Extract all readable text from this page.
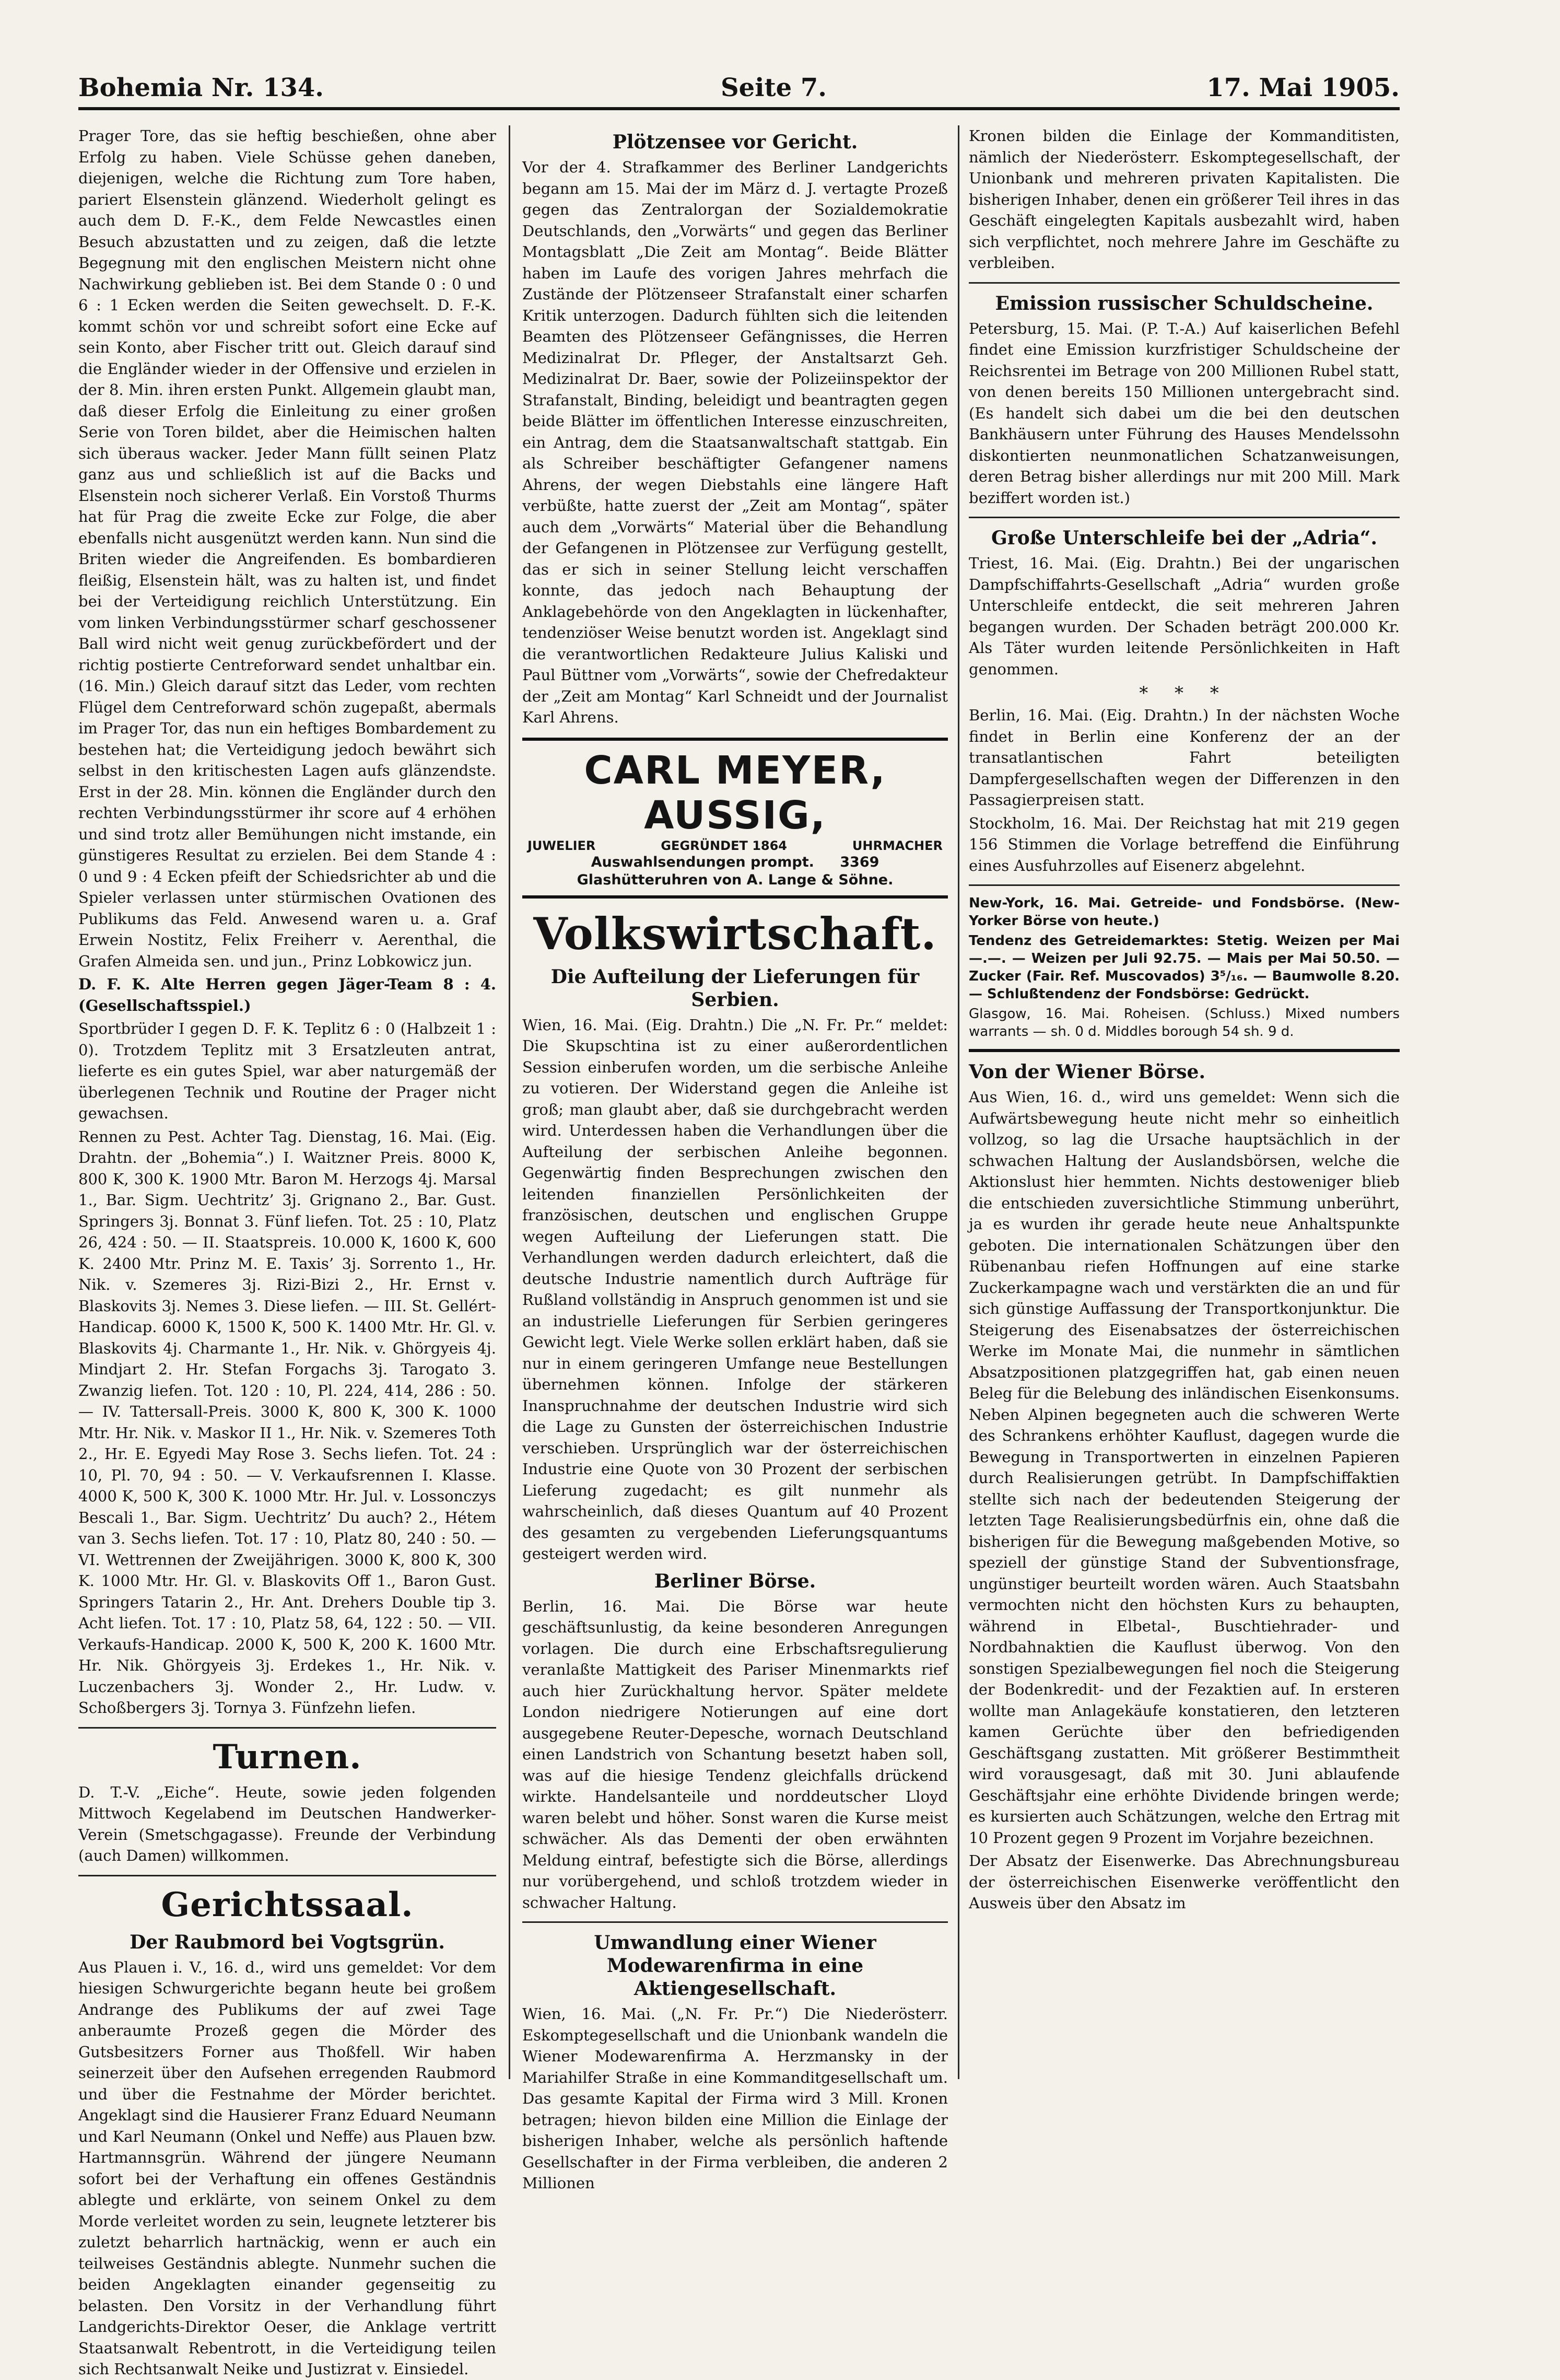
Bohemia Nr. 134.	Seite 7.	17. Mai 1905.

Prager Tore, das sie heftig beschießen, ohne aber Erfolg zu haben. Viele Schüsse gehen daneben, diejenigen, welche die Richtung zum Tore haben, pariert Elsenstein glänzend. Wiederholt gelingt es auch dem D. F.-K., dem Felde Newcastles einen Besuch abzustatten und zu zeigen, daß die letzte Begegnung mit den englischen Meistern nicht ohne Nachwirkung geblieben ist. Bei dem Stande 0 : 0 und 6 : 1 Ecken werden die Seiten gewechselt. D. F.-K. kommt schön vor und schreibt sofort eine Ecke auf sein Konto, aber Fischer tritt out. Gleich darauf sind die Engländer wieder in der Offensive und erzielen in der 8. Min. ihren ersten Punkt. Allgemein glaubt man, daß dieser Erfolg die Einleitung zu einer großen Serie von Toren bildet, aber die Heimischen halten sich überaus wacker. Jeder Mann füllt seinen Platz ganz aus und schließlich ist auf die Backs und Elsenstein noch sicherer Verlaß. Ein Vorstoß Thurms hat für Prag die zweite Ecke zur Folge, die aber ebenfalls nicht ausgenützt werden kann. Nun sind die Briten wieder die Angreifenden. Es bombardieren fleißig, Elsenstein hält, was zu halten ist, und findet bei der Verteidigung reichlich Unterstützung. Ein vom linken Verbindungsstürmer scharf geschossener Ball wird nicht weit genug zurückbefördert und der richtig postierte Centreforward sendet unhaltbar ein. (16. Min.) Gleich darauf sitzt das Leder, vom rechten Flügel dem Centreforward schön zugepaßt, abermals im Prager Tor, das nun ein heftiges Bombardement zu bestehen hat; die Verteidigung jedoch bewährt sich selbst in den kritischesten Lagen aufs glänzendste. Erst in der 28. Min. können die Engländer durch den rechten Verbindungsstürmer ihr score auf 4 erhöhen und sind trotz aller Bemühungen nicht imstande, ein günstigeres Resultat zu erzielen. Bei dem Stande 4 : 0 und 9 : 4 Ecken pfeift der Schiedsrichter ab und die Spieler verlassen unter stürmischen Ovationen des Publikums das Feld. Anwesend waren u. a. Graf Erwein Nostitz, Felix Freiherr v. Aerenthal, die Grafen Almeida sen. und jun., Prinz Lobkowicz jun.

D. F. K. Alte Herren gegen Jäger-Team 8 : 4. (Gesellschaftsspiel.)

Sportbrüder I gegen D. F. K. Teplitz 6 : 0 (Halbzeit 1 : 0). Trotzdem Teplitz mit 3 Ersatzleuten antrat, lieferte es ein gutes Spiel, war aber naturgemäß der überlegenen Technik und Routine der Prager nicht gewachsen.

Rennen zu Pest. Achter Tag. Dienstag, 16. Mai. (Eig. Drahtn. der „Bohemia“.) I. Waitzner Preis. 8000 K, 800 K, 300 K. 1900 Mtr. Baron M. Herzogs 4j. Marsal 1., Bar. Sigm. Uechtritz’ 3j. Grignano 2., Bar. Gust. Springers 3j. Bonnat 3. Fünf liefen. Tot. 25 : 10, Platz 26, 424 : 50. — II. Staatspreis. 10.000 K, 1600 K, 600 K. 2400 Mtr. Prinz M. E. Taxis’ 3j. Sorrento 1., Hr. Nik. v. Szemeres 3j. Rizi-Bizi 2., Hr. Ernst v. Blaskovits 3j. Nemes 3. Diese liefen. — III. St. Gellért-Handicap. 6000 K, 1500 K, 500 K. 1400 Mtr. Hr. Gl. v. Blaskovits 4j. Charmante 1., Hr. Nik. v. Ghörgyeis 4j. Mindjart 2. Hr. Stefan Forgachs 3j. Tarogato 3. Zwanzig liefen. Tot. 120 : 10, Pl. 224, 414, 286 : 50. — IV. Tattersall-Preis. 3000 K, 800 K, 300 K. 1000 Mtr. Hr. Nik. v. Maskor II 1., Hr. Nik. v. Szemeres Toth 2., Hr. E. Egyedi May Rose 3. Sechs liefen. Tot. 24 : 10, Pl. 70, 94 : 50. — V. Verkaufsrennen I. Klasse. 4000 K, 500 K, 300 K. 1000 Mtr. Hr. Jul. v. Lossonczys Bescali 1., Bar. Sigm. Uechtritz’ Du auch? 2., Hétem van 3. Sechs liefen. Tot. 17 : 10, Platz 80, 240 : 50. — VI. Wettrennen der Zweijährigen. 3000 K, 800 K, 300 K. 1000 Mtr. Hr. Gl. v. Blaskovits Off 1., Baron Gust. Springers Tatarin 2., Hr. Ant. Drehers Double tip 3. Acht liefen. Tot. 17 : 10, Platz 58, 64, 122 : 50. — VII. Verkaufs-Handicap. 2000 K, 500 K, 200 K. 1600 Mtr. Hr. Nik. Ghörgyeis 3j. Erdekes 1., Hr. Nik. v. Luczenbachers 3j. Wonder 2., Hr. Ludw. v. Schoßbergers 3j. Tornya 3. Fünfzehn liefen.

Turnen.

D. T.-V. „Eiche“. Heute, sowie jeden folgenden Mittwoch Kegelabend im Deutschen Handwerker-Verein (Smetschgagasse). Freunde der Verbindung (auch Damen) willkommen.

Gerichtssaal.
Der Raubmord bei Vogtsgrün.

Aus Plauen i. V., 16. d., wird uns gemeldet: Vor dem hiesigen Schwurgerichte begann heute bei großem Andrange des Publikums der auf zwei Tage anberaumte Prozeß gegen die Mörder des Gutsbesitzers Forner aus Thoßfell. Wir haben seinerzeit über den Aufsehen erregenden Raubmord und über die Festnahme der Mörder berichtet. Angeklagt sind die Hausierer Franz Eduard Neumann und Karl Neumann (Onkel und Neffe) aus Plauen bzw. Hartmannsgrün. Während der jüngere Neumann sofort bei der Verhaftung ein offenes Geständnis ablegte und erklärte, von seinem Onkel zu dem Morde verleitet worden zu sein, leugnete letzterer bis zuletzt beharrlich hartnäckig, wenn er auch ein teilweises Geständnis ablegte. Nunmehr suchen die beiden Angeklagten einander gegenseitig zu belasten. Den Vorsitz in der Verhandlung führt Landgerichts-Direktor Oeser, die Anklage vertritt Staatsanwalt Rebentrott, in die Verteidigung teilen sich Rechtsanwalt Neike und Justizrat v. Einsiedel.

Plötzensee vor Gericht.

Vor der 4. Strafkammer des Berliner Landgerichts begann am 15. Mai der im März d. J. vertagte Prozeß gegen das Zentralorgan der Sozialdemokratie Deutschlands, den „Vorwärts“ und gegen das Berliner Montagsblatt „Die Zeit am Montag“. Beide Blätter haben im Laufe des vorigen Jahres mehrfach die Zustände der Plötzenseer Strafanstalt einer scharfen Kritik unterzogen. Dadurch fühlten sich die leitenden Beamten des Plötzenseer Gefängnisses, die Herren Medizinalrat Dr. Pfleger, der Anstaltsarzt Geh. Medizinalrat Dr. Baer, sowie der Polizeiinspektor der Strafanstalt, Binding, beleidigt und beantragten gegen beide Blätter im öffentlichen Interesse einzuschreiten, ein Antrag, dem die Staatsanwaltschaft stattgab. Ein als Schreiber beschäftigter Gefangener namens Ahrens, der wegen Diebstahls eine längere Haft verbüßte, hatte zuerst der „Zeit am Montag“, später auch dem „Vorwärts“ Material über die Behandlung der Gefangenen in Plötzensee zur Verfügung gestellt, das er sich in seiner Stellung leicht verschaffen konnte, das jedoch nach Behauptung der Anklagebehörde von den Angeklagten in lückenhafter, tendenziöser Weise benutzt worden ist. Angeklagt sind die verantwortlichen Redakteure Julius Kaliski und Paul Büttner vom „Vorwärts“, sowie der Chefredakteur der „Zeit am Montag“ Karl Schneidt und der Journalist Karl Ahrens.

CARL MEYER, AUSSIG,
JUWELIER	GEGRÜNDET 1864	UHRMACHER
Auswahlsendungen prompt. 3369
Glashütteruhren von A. Lange & Söhne.
Volkswirtschaft.
Die Aufteilung der Lieferungen für Serbien.

Wien, 16. Mai. (Eig. Drahtn.) Die „N. Fr. Pr.“ meldet: Die Skupschtina ist zu einer außerordentlichen Session einberufen worden, um die serbische Anleihe zu votieren. Der Widerstand gegen die Anleihe ist groß; man glaubt aber, daß sie durchgebracht werden wird. Unterdessen haben die Verhandlungen über die Aufteilung der serbischen Anleihe begonnen. Gegenwärtig finden Besprechungen zwischen den leitenden finanziellen Persönlichkeiten der französischen, deutschen und englischen Gruppe wegen Aufteilung der Lieferungen statt. Die Verhandlungen werden dadurch erleichtert, daß die deutsche Industrie namentlich durch Aufträge für Rußland vollständig in Anspruch genommen ist und sie an industrielle Lieferungen für Serbien geringeres Gewicht legt. Viele Werke sollen erklärt haben, daß sie nur in einem geringeren Umfange neue Bestellungen übernehmen können. Infolge der stärkeren Inanspruchnahme der deutschen Industrie wird sich die Lage zu Gunsten der österreichischen Industrie verschieben. Ursprünglich war der österreichischen Industrie eine Quote von 30 Prozent der serbischen Lieferung zugedacht; es gilt nunmehr als wahrscheinlich, daß dieses Quantum auf 40 Prozent des gesamten zu vergebenden Lieferungsquantums gesteigert werden wird.

Berliner Börse.

Berlin, 16. Mai. Die Börse war heute geschäftsunlustig, da keine besonderen Anregungen vorlagen. Die durch eine Erbschaftsregulierung veranlaßte Mattigkeit des Pariser Minenmarkts rief auch hier Zurückhaltung hervor. Später meldete London niedrigere Notierungen auf eine dort ausgegebene Reuter-Depesche, wornach Deutschland einen Landstrich von Schantung besetzt haben soll, was auf die hiesige Tendenz gleichfalls drückend wirkte. Handelsanteile und norddeutscher Lloyd waren belebt und höher. Sonst waren die Kurse meist schwächer. Als das Dementi der oben erwähnten Meldung eintraf, befestigte sich die Börse, allerdings nur vorübergehend, und schloß trotzdem wieder in schwacher Haltung.

Umwandlung einer Wiener Modewarenfirma in eine Aktiengesellschaft.

Wien, 16. Mai. („N. Fr. Pr.“) Die Niederösterr. Eskomptegesellschaft und die Unionbank wandeln die Wiener Modewarenfirma A. Herzmansky in der Mariahilfer Straße in eine Kommanditgesellschaft um. Das gesamte Kapital der Firma wird 3 Mill. Kronen betragen; hievon bilden eine Million die Einlage der bisherigen Inhaber, welche als persönlich haftende Gesellschafter in der Firma verbleiben, die anderen 2 Millionen

Kronen bilden die Einlage der Kommanditisten, nämlich der Niederösterr. Eskomptegesellschaft, der Unionbank und mehreren privaten Kapitalisten. Die bisherigen Inhaber, denen ein größerer Teil ihres in das Geschäft eingelegten Kapitals ausbezahlt wird, haben sich verpflichtet, noch mehrere Jahre im Geschäfte zu verbleiben.

Emission russischer Schuldscheine.

Petersburg, 15. Mai. (P. T.-A.) Auf kaiserlichen Befehl findet eine Emission kurzfristiger Schuldscheine der Reichsrentei im Betrage von 200 Millionen Rubel statt, von denen bereits 150 Millionen untergebracht sind. (Es handelt sich dabei um die bei den deutschen Bankhäusern unter Führung des Hauses Mendelssohn diskontierten neunmonatlichen Schatzanweisungen, deren Betrag bisher allerdings nur mit 200 Mill. Mark beziffert worden ist.)

Große Unterschleife bei der „Adria“.

Triest, 16. Mai. (Eig. Drahtn.) Bei der ungarischen Dampfschiffahrts-Gesellschaft „Adria“ wurden große Unterschleife entdeckt, die seit mehreren Jahren begangen wurden. Der Schaden beträgt 200.000 Kr. Als Täter wurden leitende Persönlichkeiten in Haft genommen.

* * *

Berlin, 16. Mai. (Eig. Drahtn.) In der nächsten Woche findet in Berlin eine Konferenz der an der transatlantischen Fahrt beteiligten Dampfergesellschaften wegen der Differenzen in den Passagierpreisen statt.

Stockholm, 16. Mai. Der Reichstag hat mit 219 gegen 156 Stimmen die Vorlage betreffend die Einführung eines Ausfuhrzolles auf Eisenerz abgelehnt.

New-York, 16. Mai. Getreide- und Fondsbörse. (New-Yorker Börse von heute.)

Tendenz des Getreidemarktes: Stetig. Weizen per Mai —.—. — Weizen per Juli 92.75. — Mais per Mai 50.50. — Zucker (Fair. Ref. Muscovados) 3⁵/₁₆. — Baumwolle 8.20. — Schlußtendenz der Fondsbörse: Gedrückt.

Glasgow, 16. Mai. Roheisen. (Schluss.) Mixed numbers warrants — sh. 0 d. Middles borough 54 sh. 9 d.

Von der Wiener Börse.

Aus Wien, 16. d., wird uns gemeldet: Wenn sich die Aufwärtsbewegung heute nicht mehr so einheitlich vollzog, so lag die Ursache hauptsächlich in der schwachen Haltung der Auslandsbörsen, welche die Aktionslust hier hemmten. Nichts destoweniger blieb die entschieden zuversichtliche Stimmung unberührt, ja es wurden ihr gerade heute neue Anhaltspunkte geboten. Die internationalen Schätzungen über den Rübenanbau riefen Hoffnungen auf eine starke Zuckerkampagne wach und verstärkten die an und für sich günstige Auffassung der Transportkonjunktur. Die Steigerung des Eisenabsatzes der österreichischen Werke im Monate Mai, die nunmehr in sämtlichen Absatzpositionen platzgegriffen hat, gab einen neuen Beleg für die Belebung des inländischen Eisenkonsums. Neben Alpinen begegneten auch die schweren Werte des Schrankens erhöhter Kauflust, dagegen wurde die Bewegung in Transportwerten in einzelnen Papieren durch Realisierungen getrübt. In Dampfschiffaktien stellte sich nach der bedeutenden Steigerung der letzten Tage Realisierungsbedürfnis ein, ohne daß die bisherigen für die Bewegung maßgebenden Motive, so speziell der günstige Stand der Subventionsfrage, ungünstiger beurteilt worden wären. Auch Staatsbahn vermochten nicht den höchsten Kurs zu behaupten, während in Elbetal-, Buschtiehrader- und Nordbahnaktien die Kauflust überwog. Von den sonstigen Spezialbewegungen fiel noch die Steigerung der Bodenkredit- und der Fezaktien auf. In ersteren wollte man Anlagekäufe konstatieren, den letzteren kamen Gerüchte über den befriedigenden Geschäftsgang zustatten. Mit größerer Bestimmtheit wird vorausgesagt, daß mit 30. Juni ablaufende Geschäftsjahr eine erhöhte Dividende bringen werde; es kursierten auch Schätzungen, welche den Ertrag mit 10 Prozent gegen 9 Prozent im Vorjahre bezeichnen.

Der Absatz der Eisenwerke. Das Abrechnungsbureau der österreichischen Eisenwerke veröffentlicht den Ausweis über den Absatz im
